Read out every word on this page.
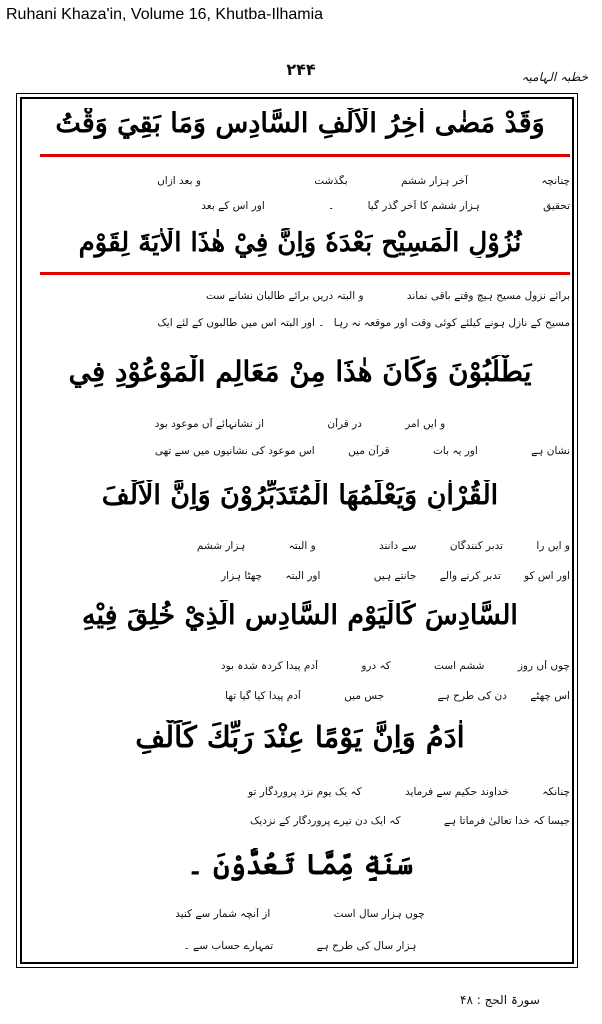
Ruhani Khaza'in, Volume 16, Khutba-Ilhamia
۲۴۴	خطبہ الہامیہ
وَقَدْ مَضٰى اٰخِرُ الْاَلْفِ السَّادِسِ وَمَا بَقِيَ وَقْتُ
چنانچہ آخر ہزار ششم بگذشت و بعد ازاں
تحقیق ہزار ششم کا آخر گذر گیا ۔ اور اس کے بعد
نُزُوْلِ الْمَسِيْحِ بَعْدَهٗ وَاِنَّ فِيْ هٰذَا الْاٰيَةَ لِقَوْمٍ
برائے نزول مسیح ہیچ وقتے باقی نماند و البتہ دریں برائے طالبان نشانے ست
مسیح کے نازل ہونے کیلئے کوئی وقت اور موقعہ نہ رہا ۔ اور البتہ اس میں طالبوں کے لئے ایک
يَطْلُبُوْنَ وَكَانَ هٰذَا مِنْ مَعَالِمِ الْمَوْعُوْدِ فِي
و ایں امر در قرآن از نشانہائے آں موعود بود
نشان ہے اور یہ بات قرآن میں اس موعود کی نشانیوں میں سے تھی
الْقُرْاٰنِ وَيَعْلَمُهَا الْمُتَدَبِّرُوْنَ وَاِنَّ الْاَلْفَ
و ایں را تدبر کنندگان سے دانند و البتہ ہزار ششم
اور اس کو تدبر کرنے والے جانتے ہیں اور البتہ چھٹا ہزار
السَّادِسَ كَالْيَوْمِ السَّادِسِ الَّذِيْ خُلِقَ فِيْهِ
چوں آں روز ششم است کہ درو آدم پیدا کردہ شدہ بود
اُس چھٹے دن کی طرح ہے جس میں آدم پیدا کیا گیا تھا
اٰدَمُ وَاِنَّ يَوْمًا عِنْدَ رَبِّكَ كَاَلْفِ
چنانکہ خداوند حکیم سے فرماید کہ یک یوم نزد پروردگار تو
جیسا کہ خدا تعالیٰ فرماتا ہے کہ ایک دن تیرے پروردگار کے نزدیک
سَنَةٍ مِّمَّا تَعُدُّوْنَ ۔
چوں ہزار سال است از آنچہ شمار سے کنید
ہزار سال کی طرح ہے تمہارے حساب سے ۔
سورۃ الحج : ۴۸
